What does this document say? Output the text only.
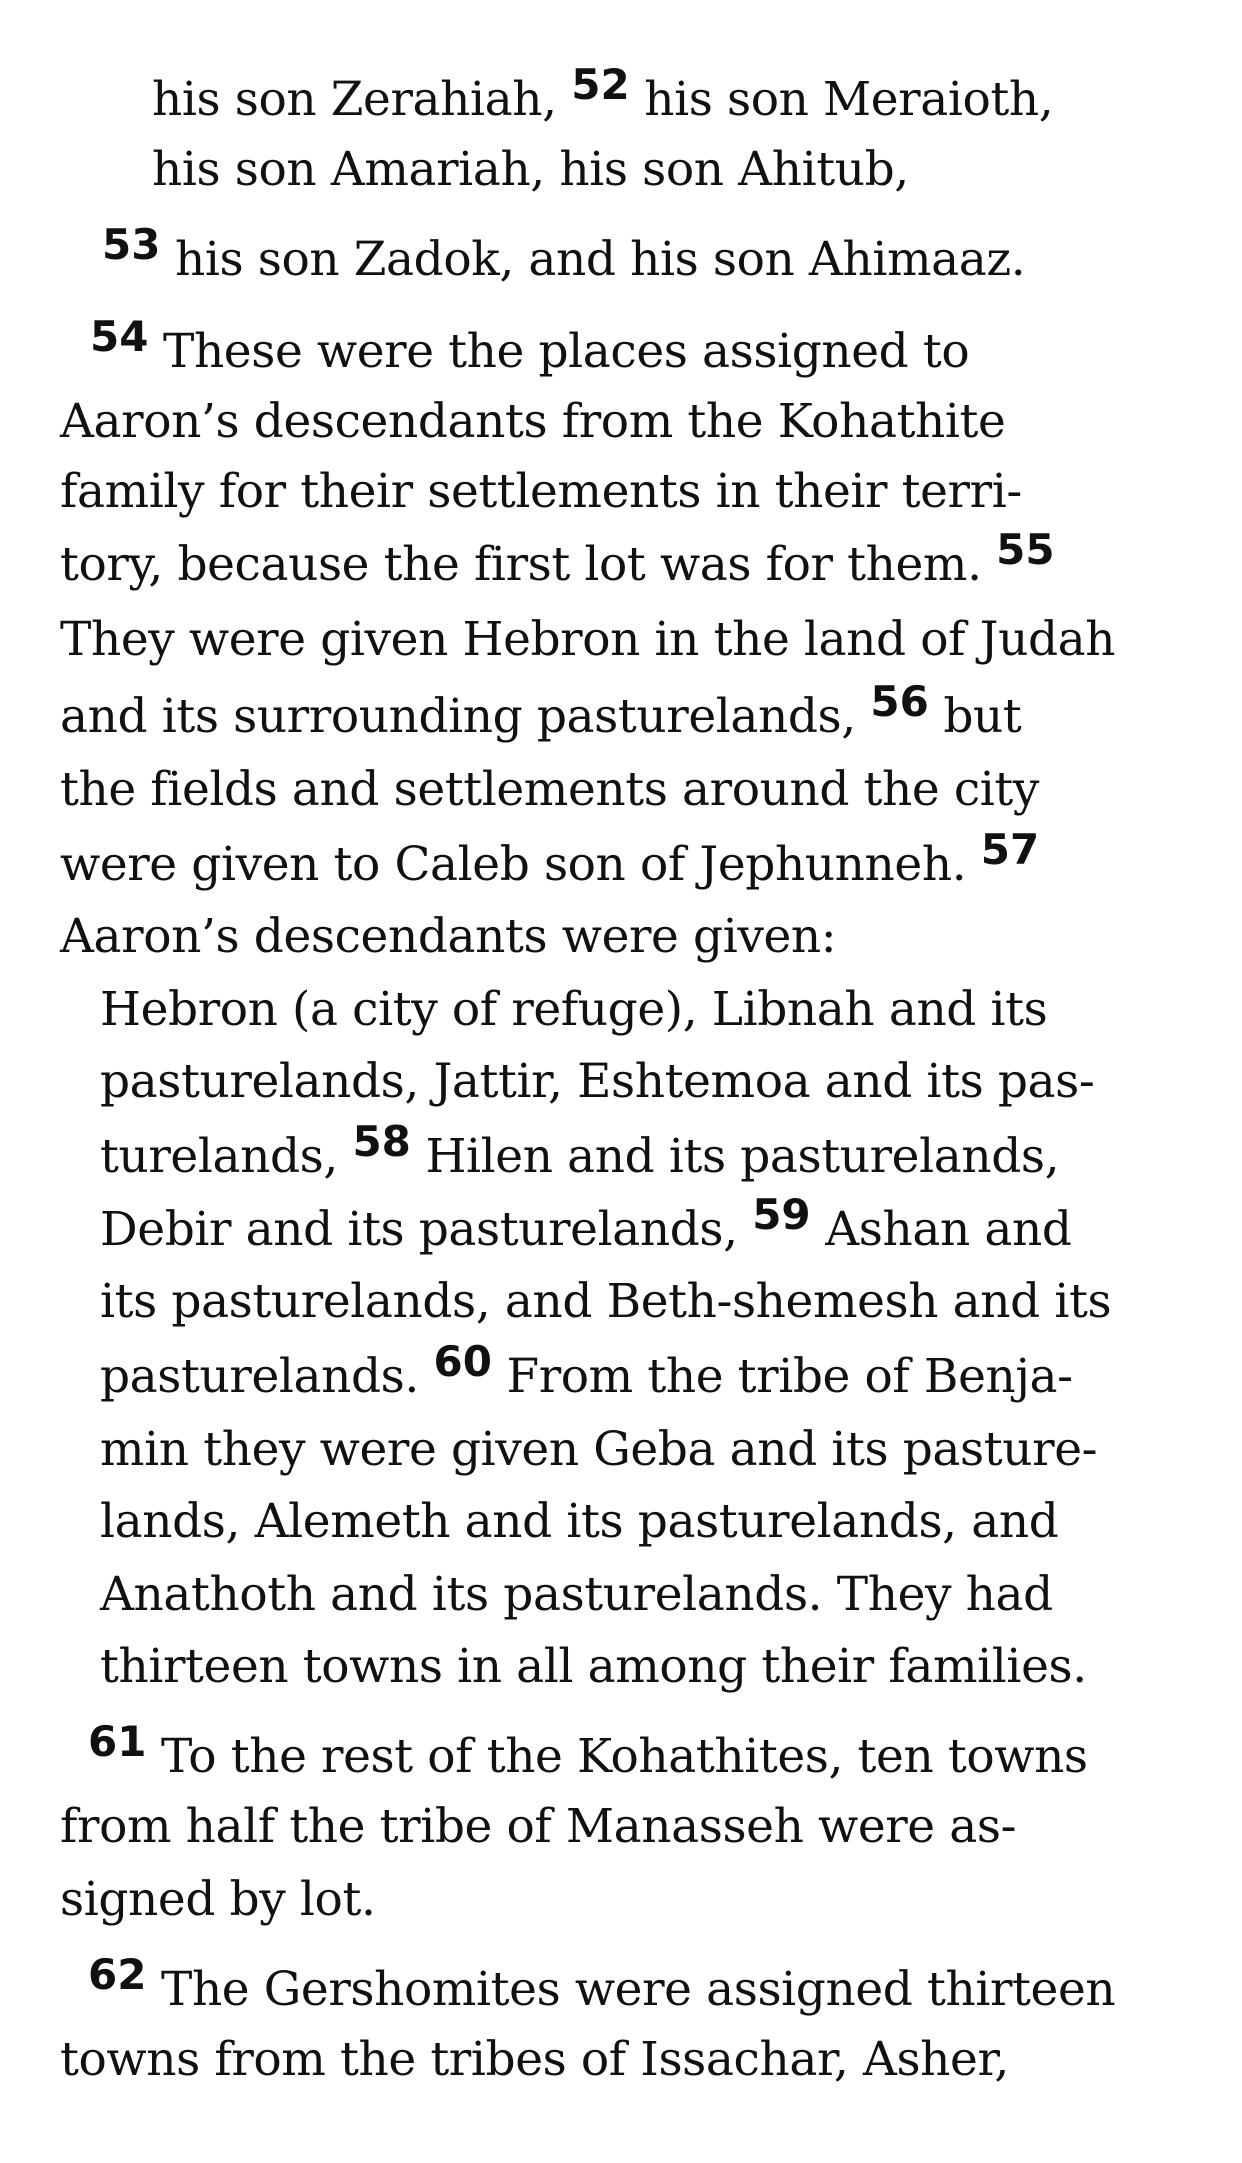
his son Zerahiah, 52 his son Meraioth,
his son Amariah, his son Ahitub,
53 his son Zadok, and his son Ahimaaz.
54 These were the places assigned to
Aaron’s descendants from the Kohathite
family for their settlements in their terri-
tory, because the first lot was for them. 55
They were given Hebron in the land of Judah
and its surrounding pasturelands, 56 but
the fields and settlements around the city
were given to Caleb son of Jephunneh. 57
Aaron’s descendants were given:
Hebron (a city of refuge), Libnah and its
pasturelands, Jattir, Eshtemoa and its pas-
turelands, 58 Hilen and its pasturelands,
Debir and its pasturelands, 59 Ashan and
its pasturelands, and Beth-shemesh and its
pasturelands. 60 From the tribe of Benja-
min they were given Geba and its pasture-
lands, Alemeth and its pasturelands, and
Anathoth and its pasturelands. They had
thirteen towns in all among their families.
61 To the rest of the Kohathites, ten towns
from half the tribe of Manasseh were as-
signed by lot.
62 The Gershomites were assigned thirteen
towns from the tribes of Issachar, Asher,
